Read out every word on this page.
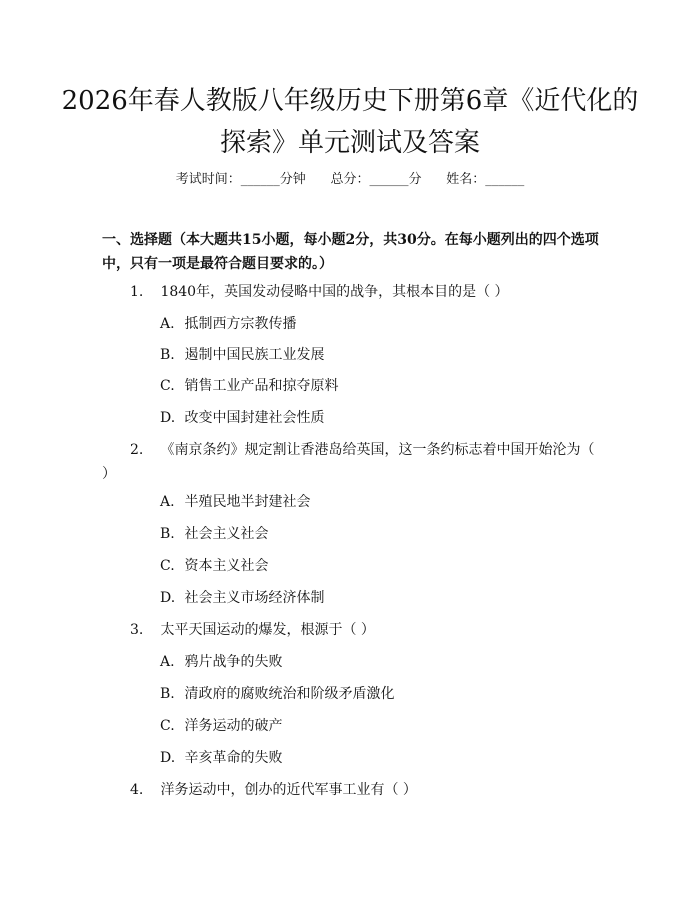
2026年春人教版八年级历史下册第6章《近代化的探索》单元测试及答案
考试时间：______分钟      总分：______分      姓名：______
一、选择题（本大题共15小题，每小题2分，共30分。在每小题列出的四个选项中，只有一项是最符合题目要求的。）
1. 1840年，英国发动侵略中国的战争，其根本目的是（ ）
A. 抵制西方宗教传播
B. 遏制中国民族工业发展
C. 销售工业产品和掠夺原料
D. 改变中国封建社会性质
2. 《南京条约》规定割让香港岛给英国，这一条约标志着中国开始沦为（ ）
A. 半殖民地半封建社会
B. 社会主义社会
C. 资本主义社会
D. 社会主义市场经济体制
3. 太平天国运动的爆发，根源于（ ）
A. 鸦片战争的失败
B. 清政府的腐败统治和阶级矛盾激化
C. 洋务运动的破产
D. 辛亥革命的失败
4. 洋务运动中，创办的近代军事工业有（ ）
